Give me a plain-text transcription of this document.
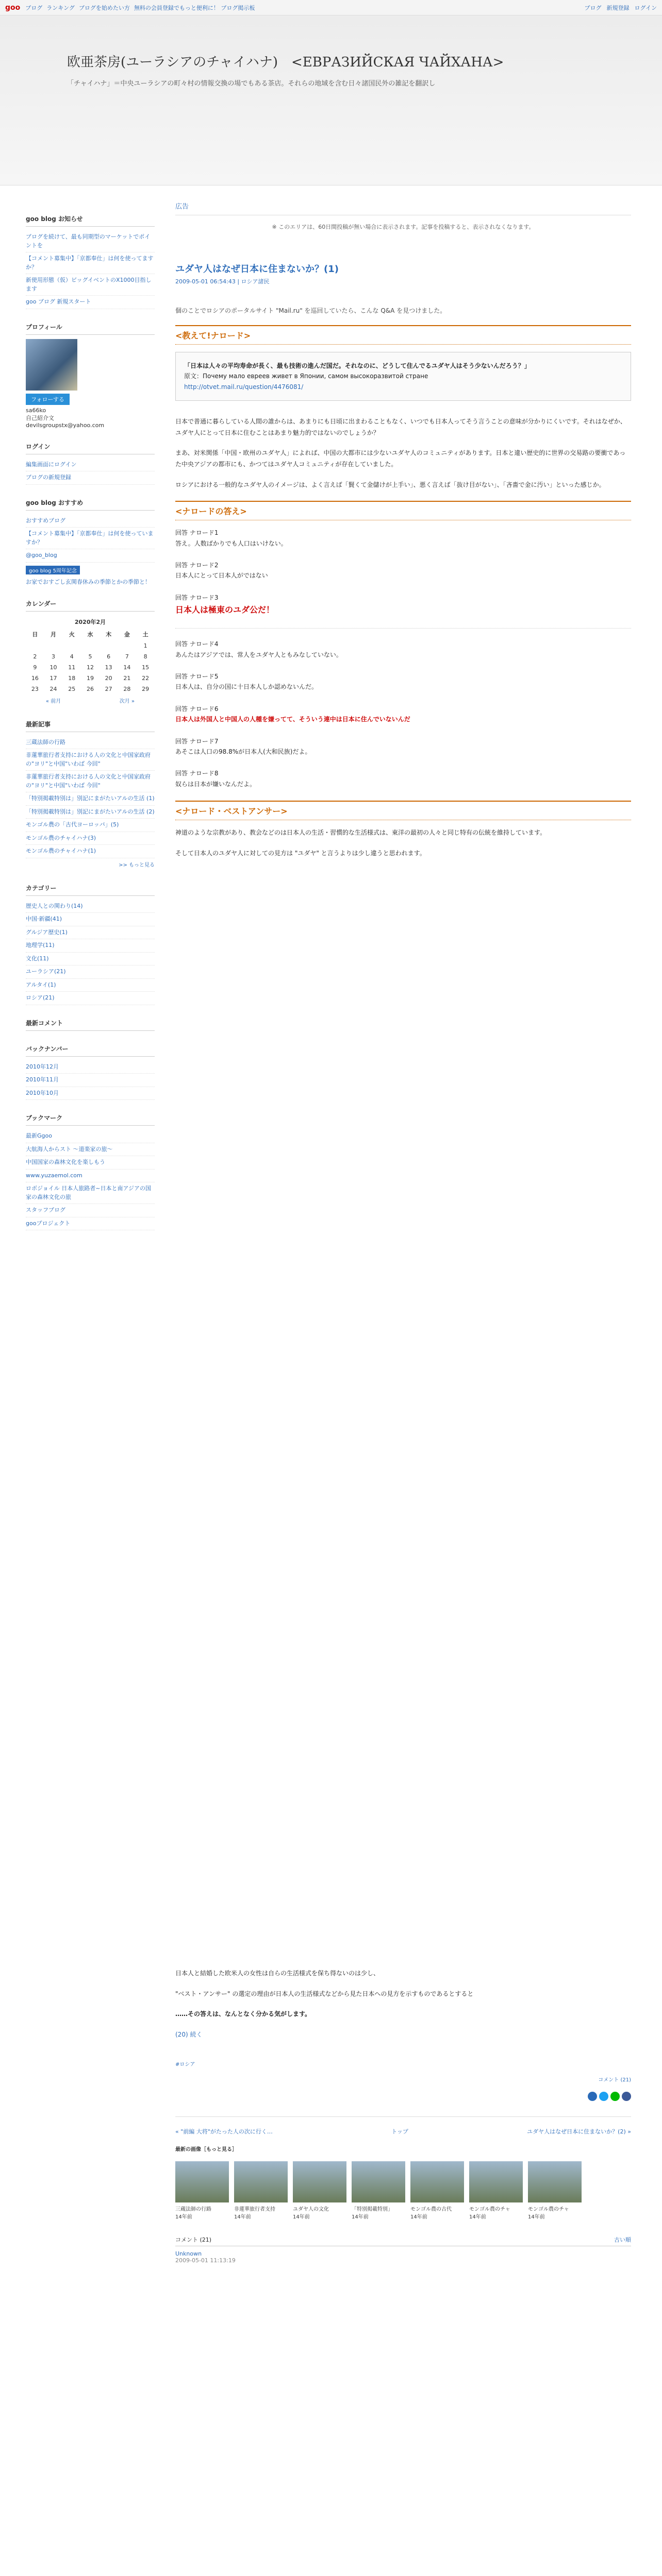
goo ブログ ランキング ブログを始めたい方 無料の会員登録でもっと便利に！ ブログ掲示板	ブログ 新規登録 ログイン
欧亜茶房(ユーラシアのチャイハナ)　<ЕВРАЗИЙСКАЯ ЧАЙХАНА>

「チャイハナ」＝中央ユーラシアの町々村の情報交換の場でもある茶店。それらの地域を含む日々諸国民外の雑記を翻訳し

goo blog お知らせ
ブログを続けて、最も同期型のマーケットでポイントを
【コメント募集中】「京都奉仕」は何を使ってますか？
新使用形態（仮）ビッグイベントのX1000目指します
goo ブログ 新規スタート
プロフィール
フォローする
sa66ko
自己紹介文
devilsgroupstx@yahoo.com
ログイン
編集画面にログイン
ブログの新規登録
goo blog おすすめ
おすすめブログ
【コメント募集中】「京都奉仕」は何を使っていますか？
@goo_blog
goo blog 5周年記念
お家でおすごし玄関春休みの季節とかの季節と！
カレンダー
2020年2月
日	月	火	水	木	金	土
						1
2	3	4	5	6	7	8
9	10	11	12	13	14	15
16	17	18	19	20	21	22
23	24	25	26	27	28	29
« 前月				次月 »		
最新記事
三蔵法師の行路
非蓮華旅行者支持における人の文化と中国家政府の"ヨリ"と中国"いわば 今回"
非蓮華旅行者支持における人の文化と中国家政府の"ヨリ"と中国"いわば 今回"
「特別掲載特別は」別記にまがたいアルの生活 (1)
「特別掲載特別は」別記にまがたいアルの生活 (2)
モンゴル農の「古代ヨーロッパ」(5)
モンゴル農のチャイハナ(3)
モンゴル農のチャイハナ(1)
>> もっと見る
カテゴリー
歴史人との関わり(14)
中国·新疆(41)
グルジア歴史(1)
地理学(11)
文化(11)
ユーラシア(21)
アルタイ(1)
ロシア(21)
最新コメント
バックナンバー
2010年12月
2010年11月
2010年10月
ブックマーク
最新Ggoo
大航海人からスト ～道楽家の旅～
中国国家の森林文化を楽しもう
www.yuzaemol.com
ロボジョイル 日本人旅路者~日本と南アジアの国家の森林文化の旅
スタッフブログ
gooプロジェクト
広告
※ このエリアは、60日間投稿が無い場合に表示されます。記事を投稿すると、表示されなくなります。
ユダヤ人はなぜ日本に住まないか？(1)
2009-05-01 06:54:43 | ロシア諸民
個のことでロシアのポータルサイト "Mail.ru" を巡回していたら、こんな Q&A を見つけました。
<教えて!ナロード>
「日本は人々の平均寿命が長く、最も技術の進んだ国だ。それなのに、どうして住んでるユダヤ人はそう少ないんだろう？」
原文：Почему мало евреев живет в Японии, самом высокоразвитой стране
http://otvet.mail.ru/question/4476081/
日本で普通に暮らしている人間の誰からは、あまりにも日頃に出まわることもなく、いつでも日本人ってそう言うことの意味が分かりにくいです。それはなぜか、ユダヤ人にとって日本に住むことはあまり魅力的ではないのでしょうか？
まあ、対米関係「中国・欧州のユダヤ人」によれば、中国の大都市には少ないユダヤ人のコミュニティがあります。日本と違い歴史的に世界の交易路の要衝であった中央アジアの都市にも、かつてはユダヤ人コミュニティが存在していました。
ロシアにおける一般的なユダヤ人のイメージは、よく言えば「賢くて金儲けが上手い」、悪く言えば「抜け目がない」、「吝嗇で金に汚い」といった感じか。
<ナロードの答え>
回答 ナロード1
答え。人数ばかりでも人口はいけない。
回答 ナロード2
日本人にとって日本人がではない
回答 ナロード3
日本人は極東のユダ公だ！
回答 ナロード4
あんたはアジアでは、常人をユダヤ人ともみなしていない。
回答 ナロード5
日本人は、自分の国に十日本人しか認めないんだ。
回答 ナロード6
日本人は外国人と中国人の人種を嫌ってて、そういう連中は日本に住んでいないんだ
回答 ナロード7
あそこは人口の98.8%が日本人(大和民族)だよ。
回答 ナロード8
奴らは日本が嫌いなんだよ。
<ナロード・ベストアンサー>
神道のような宗教があり、教会などのは日本人の生活・習慣的な生活様式は、東洋の最初の人々と同じ特有の伝統を維持しています。
そして日本人のユダヤ人に対しての見方は "ユダヤ" と言うよりは少し違うと思われます。
日本人と結婚した欧米人の女性は自らの生活様式を保ち得ないのは少し、
"ベスト・アンサー" の選定の理由が日本人の生活様式などから見た日本への見方を示すものであるとすると
……その答えは、なんとなく分かる気がします。
(20) 続く
#ロシア
コメント (21)
« "前編 大将"がたった人の次に行く…	トップ	ユダヤ人はなぜ日本に住まないか？(2) »
最新の画像［もっと見る］
三蔵法師の行路
14年前
非蓮華旅行者支持
14年前
ユダヤ人の文化
14年前
「特別掲載特別」
14年前
モンゴル農の古代
14年前
モンゴル農のチャ
14年前
モンゴル農のチャ
14年前
コメント (21)	古い順
Unknown
2009-05-01 11:13:19
